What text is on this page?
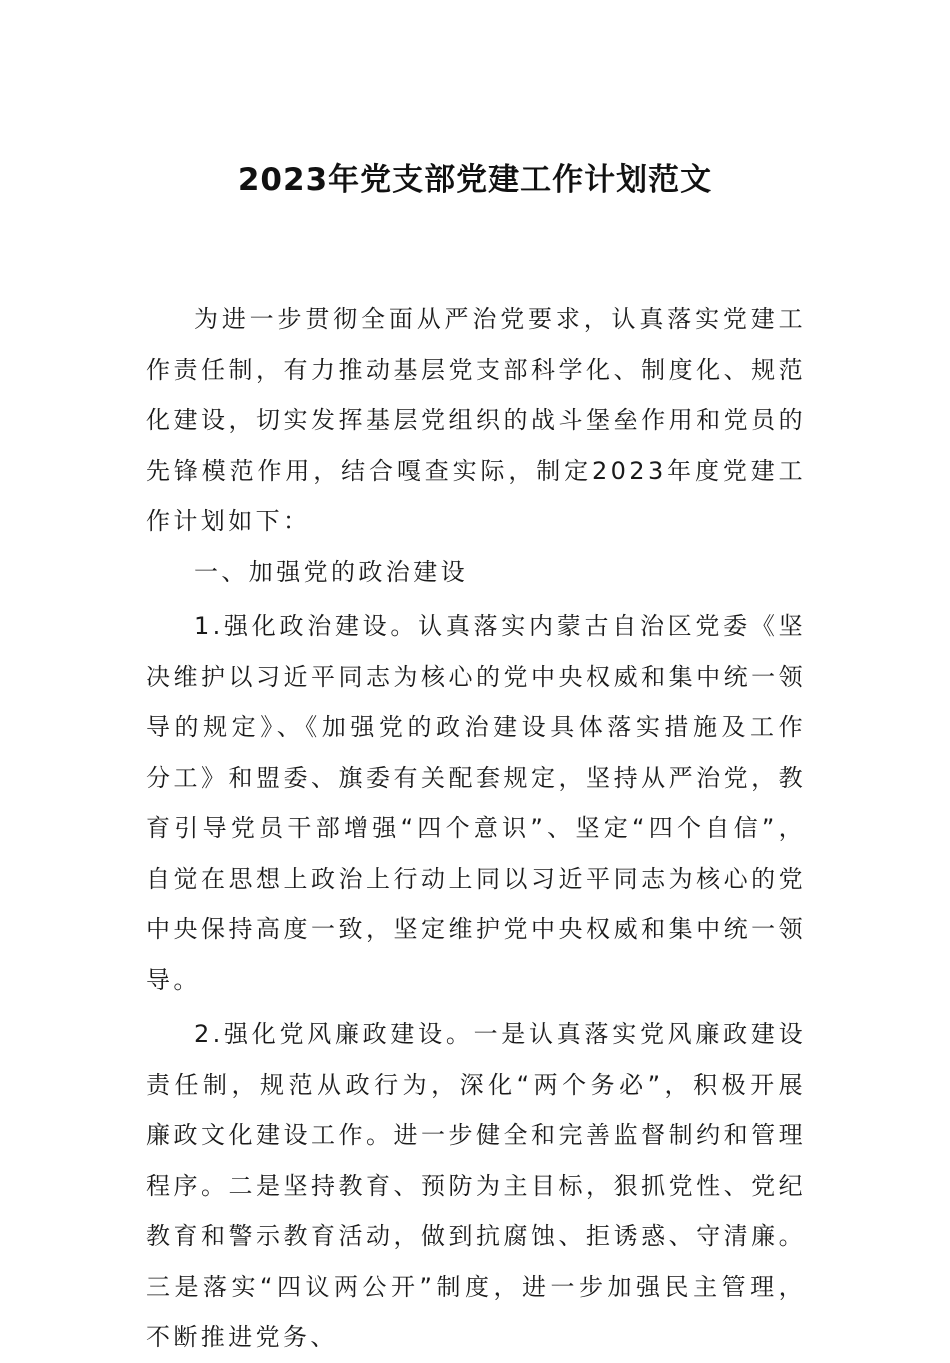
2023年党支部党建工作计划范文

为进一步贯彻全面从严治党要求，认真落实党建工作责任制，有力推动基层党支部科学化、制度化、规范化建设，切实发挥基层党组织的战斗堡垒作用和党员的先锋模范作用，结合嘎查实际，制定2023年度党建工作计划如下：

一、加强党的政治建设

1.强化政治建设。认真落实内蒙古自治区党委《坚决维护以习近平同志为核心的党中央权威和集中统一领导的规定》、《加强党的政治建设具体落实措施及工作分工》和盟委、旗委有关配套规定，坚持从严治党，教育引导党员干部增强“四个意识”、坚定“四个自信”，自觉在思想上政治上行动上同以习近平同志为核心的党中央保持高度一致，坚定维护党中央权威和集中统一领导。

2.强化党风廉政建设。一是认真落实党风廉政建设责任制，规范从政行为，深化“两个务必”，积极开展廉政文化建设工作。进一步健全和完善监督制约和管理程序。二是坚持教育、预防为主目标，狠抓党性、党纪教育和警示教育活动，做到抗腐蚀、拒诱惑、守清廉。三是落实“四议两公开”制度，进一步加强民主管理，不断推进党务、
